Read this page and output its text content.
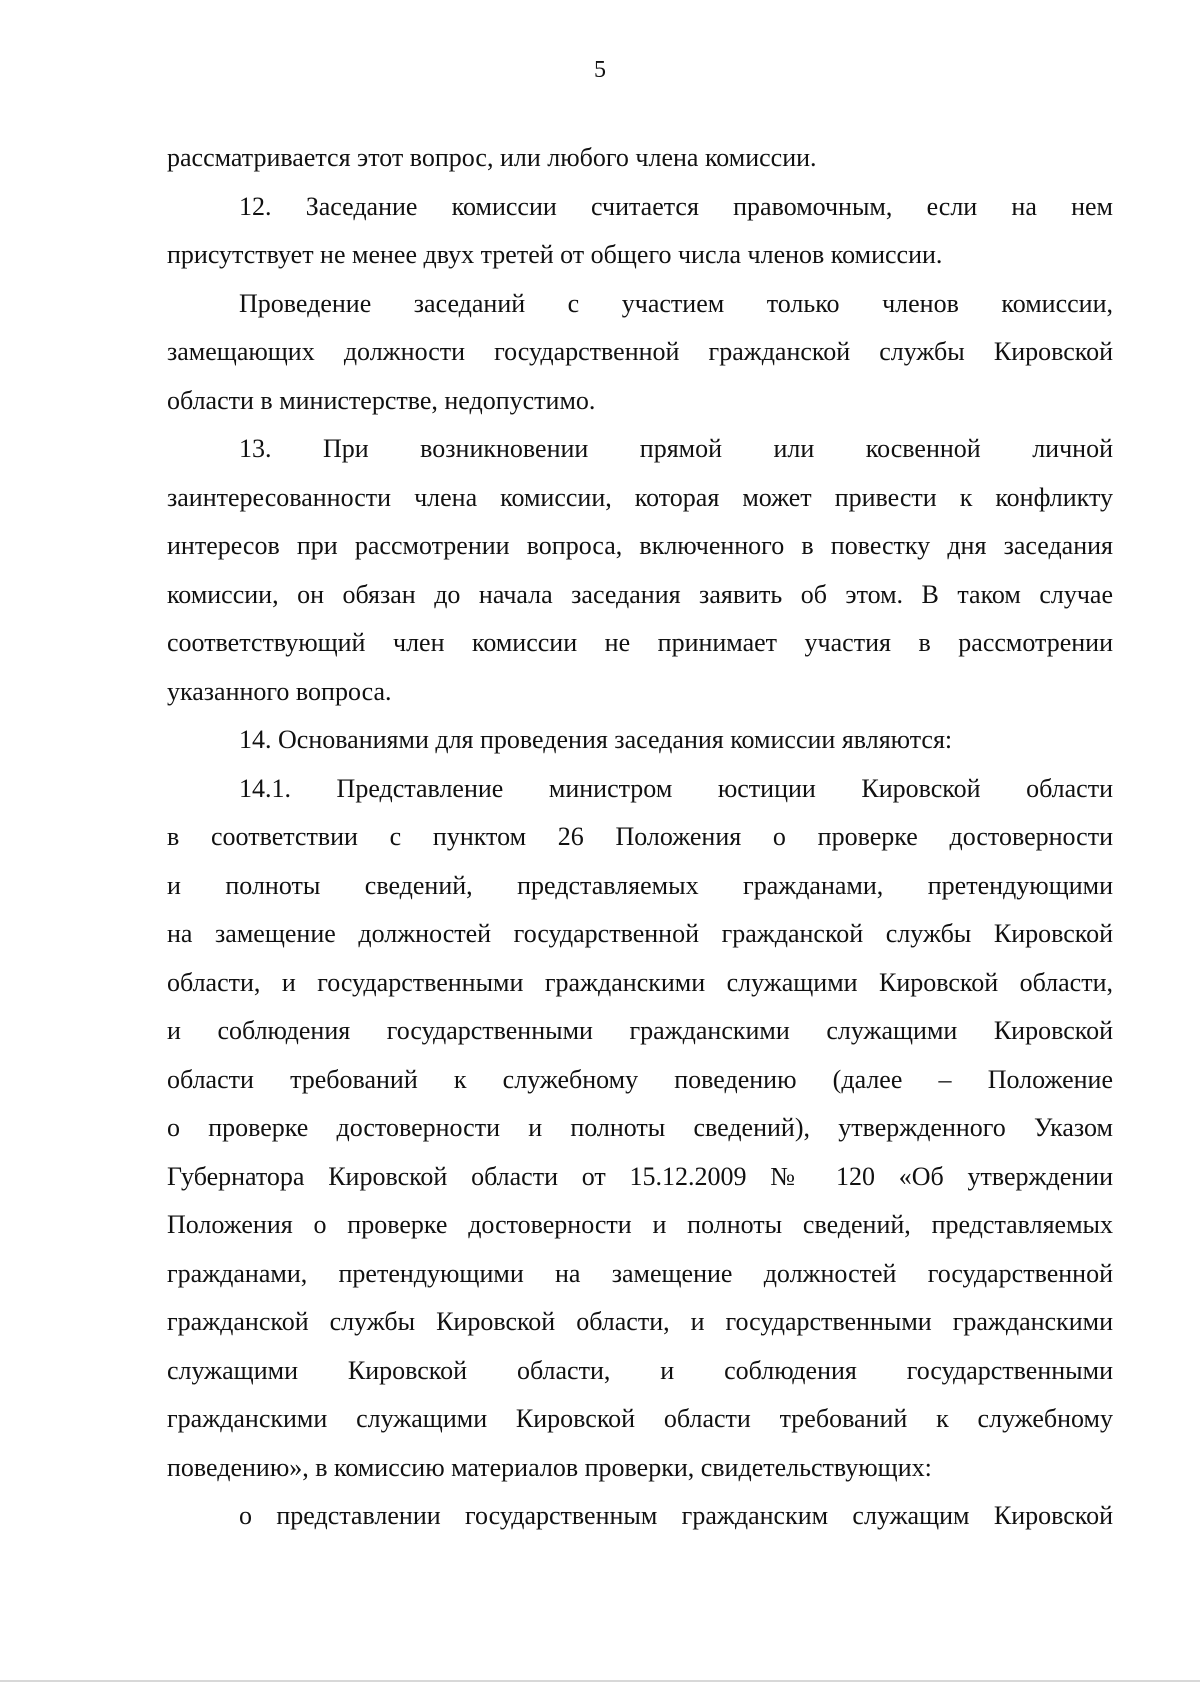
5
рассматривается этот вопрос, или любого члена комиссии.
12. Заседание комиссии считается правомочным, если на нем
присутствует не менее двух третей от общего числа членов комиссии.
Проведение заседаний с участием только членов комиссии,
замещающих должности государственной гражданской службы Кировской
области в министерстве, недопустимо.
13. При возникновении прямой или косвенной личной
заинтересованности члена комиссии, которая может привести к конфликту
интересов при рассмотрении вопроса, включенного в повестку дня заседания
комиссии, он обязан до начала заседания заявить об этом. В таком случае
соответствующий член комиссии не принимает участия в рассмотрении
указанного вопроса.
14. Основаниями для проведения заседания комиссии являются:
14.1. Представление министром юстиции Кировской области
в соответствии с пунктом 26 Положения о проверке достоверности
и полноты сведений, представляемых гражданами, претендующими
на замещение должностей государственной гражданской службы Кировской
области, и государственными гражданскими служащими Кировской области,
и соблюдения государственными гражданскими служащими Кировской
области требований к служебному поведению (далее – Положение
о проверке достоверности и полноты сведений), утвержденного Указом
Губернатора Кировской области от 15.12.2009 № 120 «Об утверждении
Положения о проверке достоверности и полноты сведений, представляемых
гражданами, претендующими на замещение должностей государственной
гражданской службы Кировской области, и государственными гражданскими
служащими Кировской области, и соблюдения государственными
гражданскими служащими Кировской области требований к служебному
поведению», в комиссию материалов проверки, свидетельствующих:
о представлении государственным гражданским служащим Кировской
